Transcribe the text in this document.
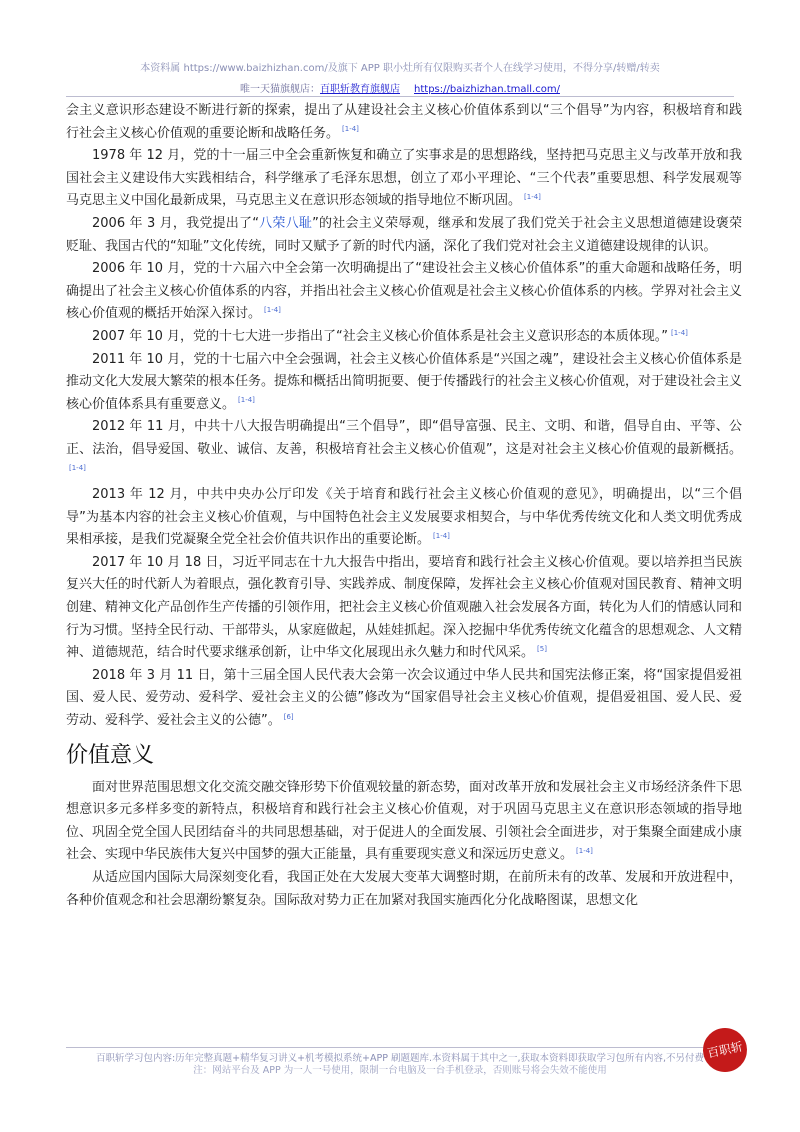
本资料属 https://www.baizhizhan.com/及旗下 APP 职小灶所有仅限购买者个人在线学习使用，不得分享/转赠/转卖
唯一天猫旗舰店：百职斩教育旗舰店 https://baizhizhan.tmall.com/

会主义意识形态建设不断进行新的探索，提出了从建设社会主义核心价值体系到以“三个倡导”为内容，积极培育和践行社会主义核心价值观的重要论断和战略任务。 [1-4]

1978 年 12 月，党的十一届三中全会重新恢复和确立了实事求是的思想路线，坚持把马克思主义与改革开放和我国社会主义建设伟大实践相结合，科学继承了毛泽东思想，创立了邓小平理论、“三个代表”重要思想、科学发展观等马克思主义中国化最新成果，马克思主义在意识形态领域的指导地位不断巩固。 [1-4]

2006 年 3 月，我党提出了“八荣八耻”的社会主义荣辱观，继承和发展了我们党关于社会主义思想道德建设褒荣贬耻、我国古代的“知耻”文化传统，同时又赋予了新的时代内涵，深化了我们党对社会主义道德建设规律的认识。

2006 年 10 月，党的十六届六中全会第一次明确提出了“建设社会主义核心价值体系”的重大命题和战略任务，明确提出了社会主义核心价值体系的内容，并指出社会主义核心价值观是社会主义核心价值体系的内核。学界对社会主义核心价值观的概括开始深入探讨。 [1-4]

2007 年 10 月，党的十七大进一步指出了“社会主义核心价值体系是社会主义意识形态的本质体现。” [1-4]

2011 年 10 月，党的十七届六中全会强调，社会主义核心价值体系是“兴国之魂”，建设社会主义核心价值体系是推动文化大发展大繁荣的根本任务。提炼和概括出简明扼要、便于传播践行的社会主义核心价值观，对于建设社会主义核心价值体系具有重要意义。 [1-4]

2012 年 11 月，中共十八大报告明确提出“三个倡导”，即“倡导富强、民主、文明、和谐，倡导自由、平等、公正、法治，倡导爱国、敬业、诚信、友善，积极培育社会主义核心价值观”，这是对社会主义核心价值观的最新概括。[1-4]

2013 年 12 月，中共中央办公厅印发《关于培育和践行社会主义核心价值观的意见》，明确提出，以“三个倡导”为基本内容的社会主义核心价值观，与中国特色社会主义发展要求相契合，与中华优秀传统文化和人类文明优秀成果相承接，是我们党凝聚全党全社会价值共识作出的重要论断。 [1-4]

2017 年 10 月 18 日，习近平同志在十九大报告中指出，要培育和践行社会主义核心价值观。要以培养担当民族复兴大任的时代新人为着眼点，强化教育引导、实践养成、制度保障，发挥社会主义核心价值观对国民教育、精神文明创建、精神文化产品创作生产传播的引领作用，把社会主义核心价值观融入社会发展各方面，转化为人们的情感认同和行为习惯。坚持全民行动、干部带头，从家庭做起，从娃娃抓起。深入挖掘中华优秀传统文化蕴含的思想观念、人文精神、道德规范，结合时代要求继承创新，让中华文化展现出永久魅力和时代风采。 [5]

2018 年 3 月 11 日，第十三届全国人民代表大会第一次会议通过中华人民共和国宪法修正案，将“国家提倡爱祖国、爱人民、爱劳动、爱科学、爱社会主义的公德”修改为“国家倡导社会主义核心价值观，提倡爱祖国、爱人民、爱劳动、爱科学、爱社会主义的公德”。 [6]

价值意义

面对世界范围思想文化交流交融交锋形势下价值观较量的新态势，面对改革开放和发展社会主义市场经济条件下思想意识多元多样多变的新特点，积极培育和践行社会主义核心价值观，对于巩固马克思主义在意识形态领域的指导地位、巩固全党全国人民团结奋斗的共同思想基础，对于促进人的全面发展、引领社会全面进步，对于集聚全面建成小康社会、实现中华民族伟大复兴中国梦的强大正能量，具有重要现实意义和深远历史意义。 [1-4]

从适应国内国际大局深刻变化看，我国正处在大发展大变革大调整时期，在前所未有的改革、发展和开放进程中，各种价值观念和社会思潮纷繁复杂。国际敌对势力正在加紧对我国实施西化分化战略图谋，思想文化

百职斩学习包内容:历年完整真题+精华复习讲义+机考模拟系统+APP 刷题题库.本资料属于其中之一,获取本资料即获取学习包所有内容,不另付费
注：网站平台及 APP 为一人一号使用，限制一台电脑及一台手机登录，否则账号将会失效不能使用
百职斩
